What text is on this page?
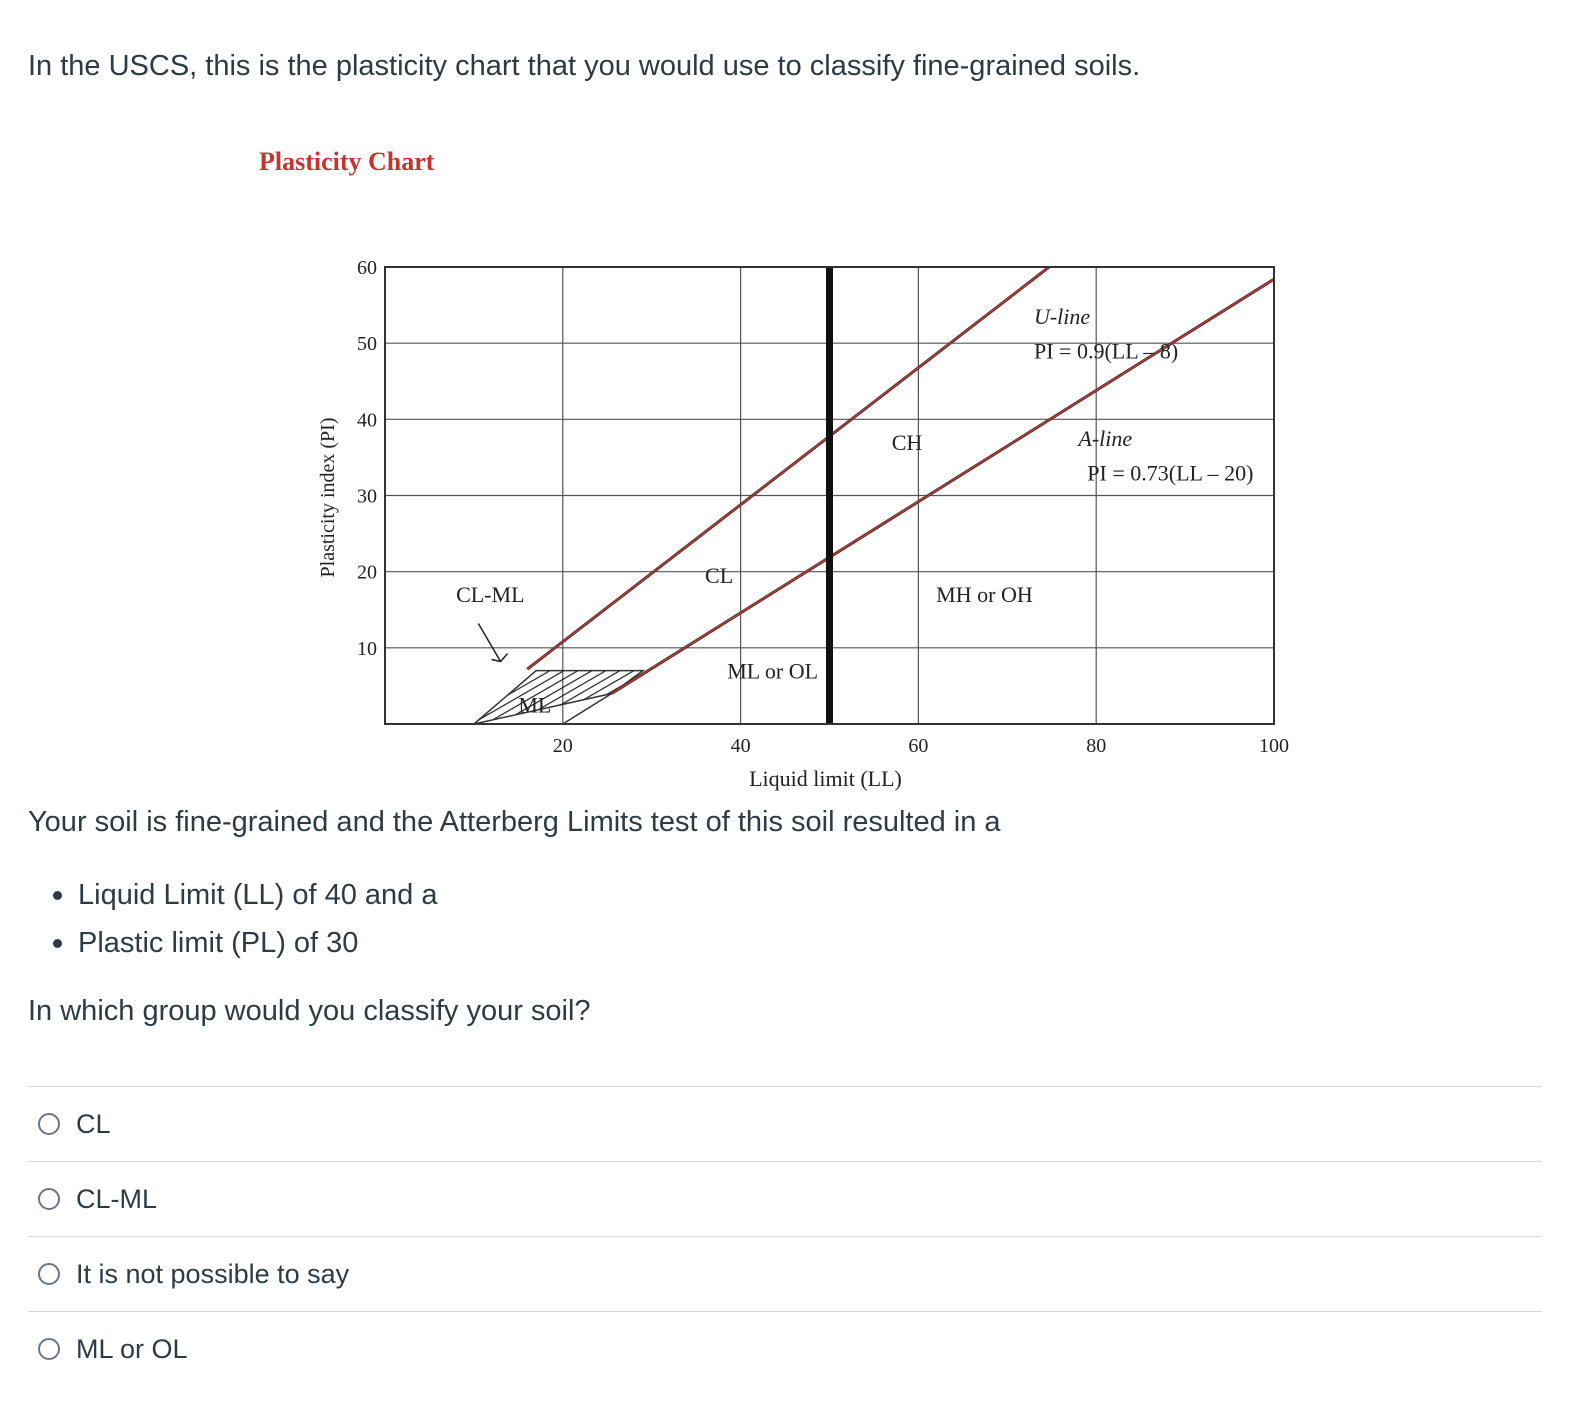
In the USCS, this is the plasticity chart that you would use to classify fine-grained soils.

Plasticity Chart
20	40	60	80	100
10
20
30
40
50
60
Liquid limit (LL)
Plasticity index (PI)
CL-ML
ML
CL
ML or OL
CH
MH or OH
U-line
PI = 0.9(LL – 8)
A-line
PI = 0.73(LL – 20)

Your soil is fine-grained and the Atterberg Limits test of this soil resulted in a

Liquid Limit (LL) of 40 and a
Plastic limit (PL) of 30

In which group would you classify your soil?

CL
CL-ML
It is not possible to say
ML or OL
